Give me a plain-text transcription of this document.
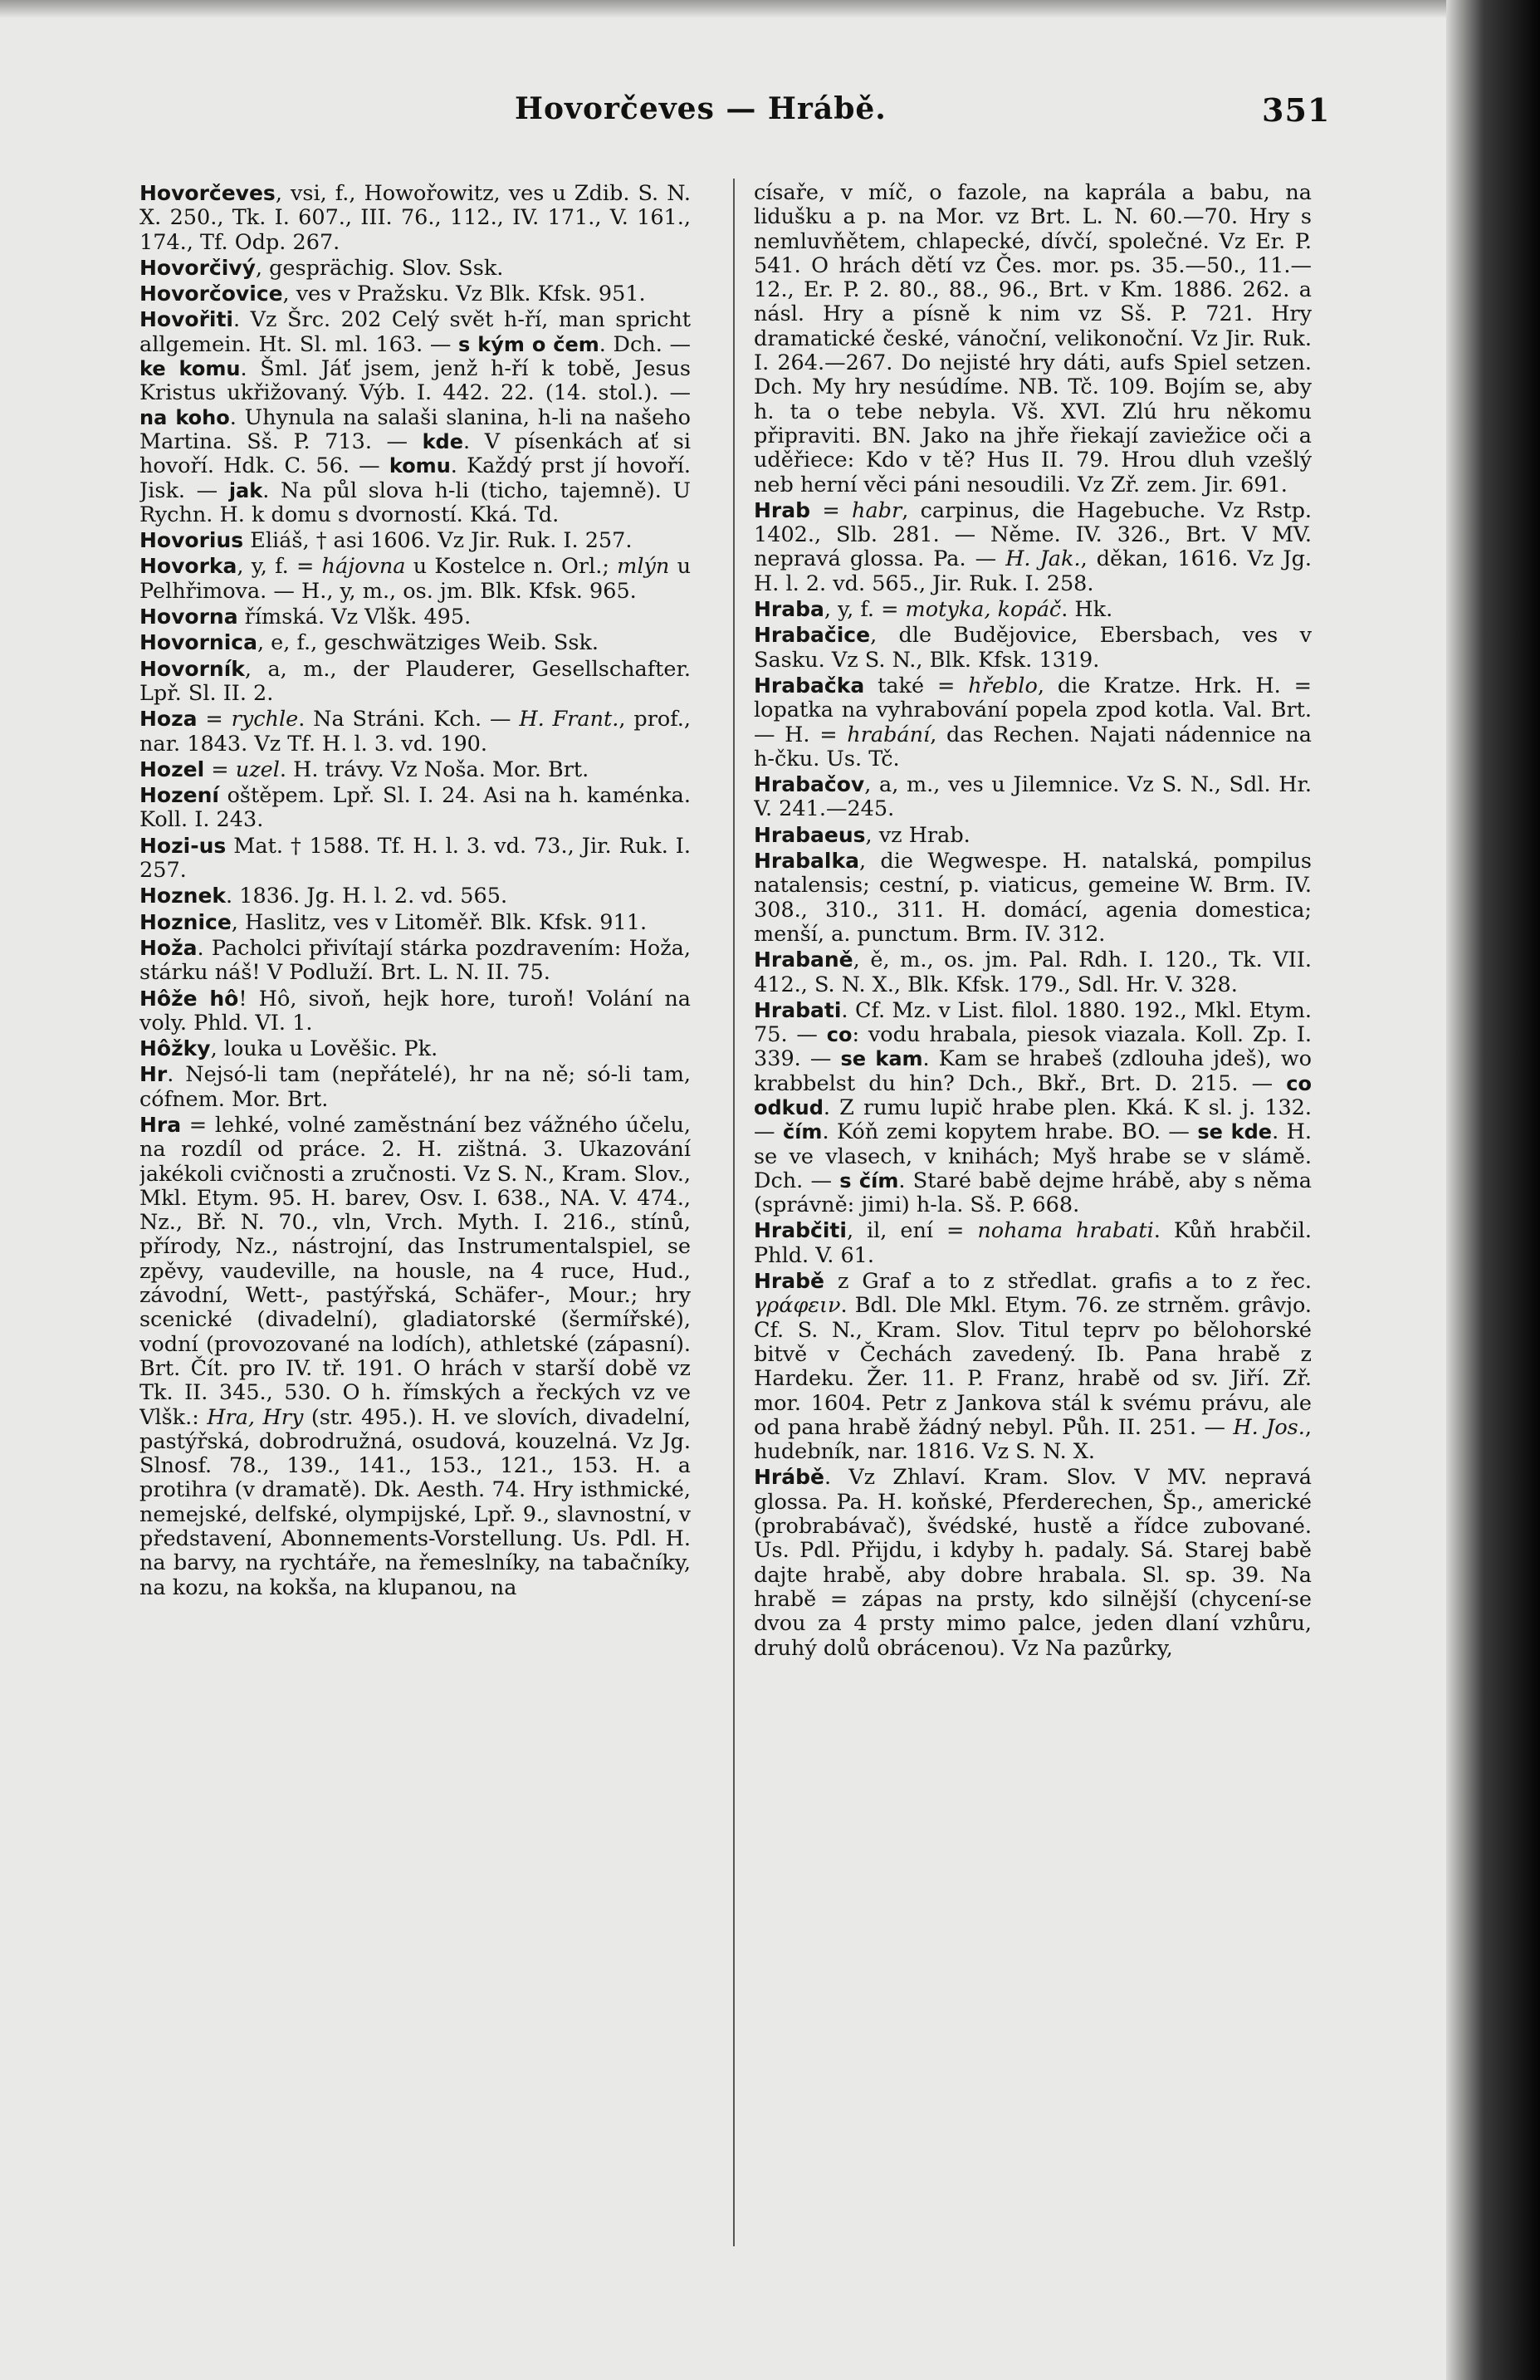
Hovorčeves — Hrábě.	351
Hovorčeves, vsi, f., Howořowitz, ves u Zdib. S. N. X. 250., Tk. I. 607., III. 76., 112., IV. 171., V. 161., 174., Tf. Odp. 267.
Hovorčivý, gesprächig. Slov. Ssk.
Hovorčovice, ves v Pražsku. Vz Blk. Kfsk. 951.
Hovořiti. Vz Šrc. 202 Celý svět h-ří, man spricht allgemein. Ht. Sl. ml. 163. — s kým o čem. Dch. — ke komu. Šml. Jáť jsem, jenž h-ří k tobě, Jesus Kristus ukřižovaný. Výb. I. 442. 22. (14. stol.). — na koho. Uhynula na salaši slanina, h-li na našeho Martina. Sš. P. 713. — kde. V písenkách ať si hovoří. Hdk. C. 56. — komu. Každý prst jí hovoří. Jisk. — jak. Na půl slova h-li (ticho, tajemně). U Rychn. H. k domu s dvorností. Kká. Td.
Hovorius Eliáš, † asi 1606. Vz Jir. Ruk. I. 257.
Hovorka, y, f. = hájovna u Kostelce n. Orl.; mlýn u Pelhřimova. — H., y, m., os. jm. Blk. Kfsk. 965.
Hovorna římská. Vz Vlšk. 495.
Hovornica, e, f., geschwätziges Weib. Ssk.
Hovorník, a, m., der Plauderer, Gesellschafter. Lpř. Sl. II. 2.
Hoza = rychle. Na Stráni. Kch. — H. Frant., prof., nar. 1843. Vz Tf. H. l. 3. vd. 190.
Hozel = uzel. H. trávy. Vz Noša. Mor. Brt.
Hození oštěpem. Lpř. Sl. I. 24. Asi na h. kaménka. Koll. I. 243.
Hozi-us Mat. † 1588. Tf. H. l. 3. vd. 73., Jir. Ruk. I. 257.
Hoznek. 1836. Jg. H. l. 2. vd. 565.
Hoznice, Haslitz, ves v Litoměř. Blk. Kfsk. 911.
Hoža. Pacholci přivítají stárka pozdravením: Hoža, stárku náš! V Podluží. Brt. L. N. II. 75.
Hôže hô! Hô, sivoň, hejk hore, turoň! Volání na voly. Phld. VI. 1.
Hôžky, louka u Lověšic. Pk.
Hr. Nejsó-li tam (nepřátelé), hr na ně; só-li tam, cófnem. Mor. Brt.
Hra = lehké, volné zaměstnání bez vážného účelu, na rozdíl od práce. 2. H. zištná. 3. Ukazování jakékoli cvičnosti a zručnosti. Vz S. N., Kram. Slov., Mkl. Etym. 95. H. barev, Osv. I. 638., NA. V. 474., Nz., Bř. N. 70., vln, Vrch. Myth. I. 216., stínů, přírody, Nz., nástrojní, das Instrumentalspiel, se zpěvy, vaudeville, na housle, na 4 ruce, Hud., závodní, Wett-, pastýřská, Schäfer-, Mour.; hry scenické (divadelní), gladiatorské (šermířské), vodní (provozované na lodích), athletské (zápasní). Brt. Čít. pro IV. tř. 191. O hrách v starší době vz Tk. II. 345., 530. O h. římských a řeckých vz ve Vlšk.: Hra, Hry (str. 495.). H. ve slovích, divadelní, pastýřská, dobrodružná, osudová, kouzelná. Vz Jg. Slnosf. 78., 139., 141., 153., 121., 153. H. a protihra (v dramatě). Dk. Aesth. 74. Hry isthmické, nemejské, delfské, olympijské, Lpř. 9., slavnostní, v představení, Abonnements-Vorstellung. Us. Pdl. H. na barvy, na rychtáře, na řemeslníky, na tabačníky, na kozu, na kokša, na klupanou, na
císaře, v míč, o fazole, na kaprála a babu, na lidušku a p. na Mor. vz Brt. L. N. 60.—70. Hry s nemluvňětem, chlapecké, dívčí, společné. Vz Er. P. 541. O hrách dětí vz Čes. mor. ps. 35.—50., 11.—12., Er. P. 2. 80., 88., 96., Brt. v Km. 1886. 262. a násl. Hry a písně k nim vz Sš. P. 721. Hry dramatické české, vánoční, velikonoční. Vz Jir. Ruk. I. 264.—267. Do nejisté hry dáti, aufs Spiel setzen. Dch. My hry nesúdíme. NB. Tč. 109. Bojím se, aby h. ta o tebe nebyla. Vš. XVI. Zlú hru někomu připraviti. BN. Jako na jhře řiekají zaviežice oči a uděřiece: Kdo v tě? Hus II. 79. Hrou dluh vzešlý neb herní věci páni nesoudili. Vz Zř. zem. Jir. 691.
Hrab = habr, carpinus, die Hagebuche. Vz Rstp. 1402., Slb. 281. — Něme. IV. 326., Brt. V MV. nepravá glossa. Pa. — H. Jak., děkan, 1616. Vz Jg. H. l. 2. vd. 565., Jir. Ruk. I. 258.
Hraba, y, f. = motyka, kopáč. Hk.
Hrabačice, dle Budějovice, Ebersbach, ves v Sasku. Vz S. N., Blk. Kfsk. 1319.
Hrabačka také = hřeblo, die Kratze. Hrk. H. = lopatka na vyhrabování popela zpod kotla. Val. Brt. — H. = hrabání, das Rechen. Najati nádennice na h-čku. Us. Tč.
Hrabačov, a, m., ves u Jilemnice. Vz S. N., Sdl. Hr. V. 241.—245.
Hrabaeus, vz Hrab.
Hrabalka, die Wegwespe. H. natalská, pompilus natalensis; cestní, p. viaticus, gemeine W. Brm. IV. 308., 310., 311. H. domácí, agenia domestica; menší, a. punctum. Brm. IV. 312.
Hrabaně, ě, m., os. jm. Pal. Rdh. I. 120., Tk. VII. 412., S. N. X., Blk. Kfsk. 179., Sdl. Hr. V. 328.
Hrabati. Cf. Mz. v List. filol. 1880. 192., Mkl. Etym. 75. — co: vodu hrabala, piesok viazala. Koll. Zp. I. 339. — se kam. Kam se hrabeš (zdlouha jdeš), wo krabbelst du hin? Dch., Bkř., Brt. D. 215. — co odkud. Z rumu lupič hrabe plen. Kká. K sl. j. 132. — čím. Kóň zemi kopytem hrabe. BO. — se kde. H. se ve vlasech, v knihách; Myš hrabe se v slámě. Dch. — s čím. Staré babě dejme hrábě, aby s něma (správně: jimi) h-la. Sš. P. 668.
Hrabčiti, il, ení = nohama hrabati. Kůň hrabčil. Phld. V. 61.
Hrabě z Graf a to z středlat. grafis a to z řec. γράφειν. Bdl. Dle Mkl. Etym. 76. ze strněm. grâvjo. Cf. S. N., Kram. Slov. Titul teprv po bělohorské bitvě v Čechách zavedený. Ib. Pana hrabě z Hardeku. Žer. 11. P. Franz, hrabě od sv. Jiří. Zř. mor. 1604. Petr z Jankova stál k svému právu, ale od pana hrabě žádný nebyl. Půh. II. 251. — H. Jos., hudebník, nar. 1816. Vz S. N. X.
Hrábě. Vz Zhlaví. Kram. Slov. V MV. nepravá glossa. Pa. H. koňské, Pferderechen, Šp., americké (probrabávač), švédské, hustě a řídce zubované. Us. Pdl. Přijdu, i kdyby h. padaly. Sá. Starej babě dajte hrabě, aby dobre hrabala. Sl. sp. 39. Na hrabě = zápas na prsty, kdo silnější (chycení-se dvou za 4 prsty mimo palce, jeden dlaní vzhůru, druhý dolů obrácenou). Vz Na pazůrky,
